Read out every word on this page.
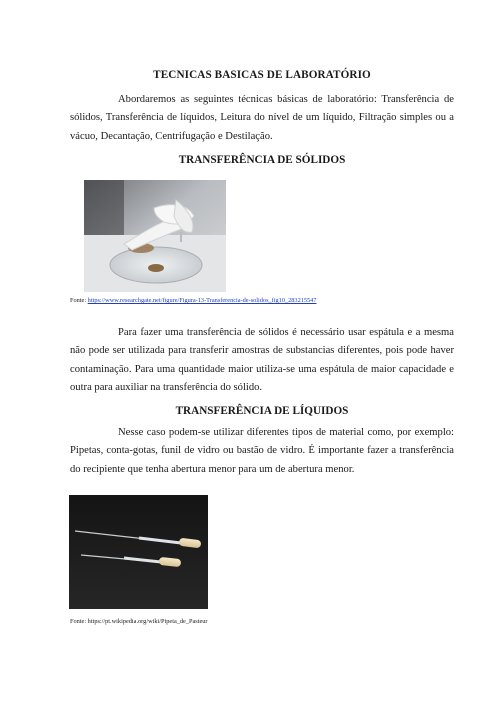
TECNICAS BASICAS DE LABORATÓRIO
Abordaremos as seguintes técnicas básicas de laboratório: Transferência de sólidos, Transferência de líquidos, Leitura do nível de um líquido, Filtração simples ou a vácuo, Decantação, Centrifugação e Destilação.
TRANSFERÊNCIA DE SÓLIDOS
Fonte: https://www.researchgate.net/figure/Figura-13-Transferencia-de-solidos_fig10_283215547
Para fazer uma transferência de sólidos é necessário usar espátula e a mesma não pode ser utilizada para transferir amostras de substancias diferentes, pois pode haver contaminação. Para uma quantidade maior utiliza-se uma espátula de maior capacidade e outra para auxiliar na transferência do sólido.
TRANSFERÊNCIA DE LÍQUIDOS
Nesse caso podem-se utilizar diferentes tipos de material como, por exemplo: Pipetas, conta-gotas, funil de vidro ou bastão de vidro. É importante fazer a transferência do recipiente que tenha abertura menor para um de abertura menor.
Fonte: https://pt.wikipedia.org/wiki/Pipeta_de_Pasteur
